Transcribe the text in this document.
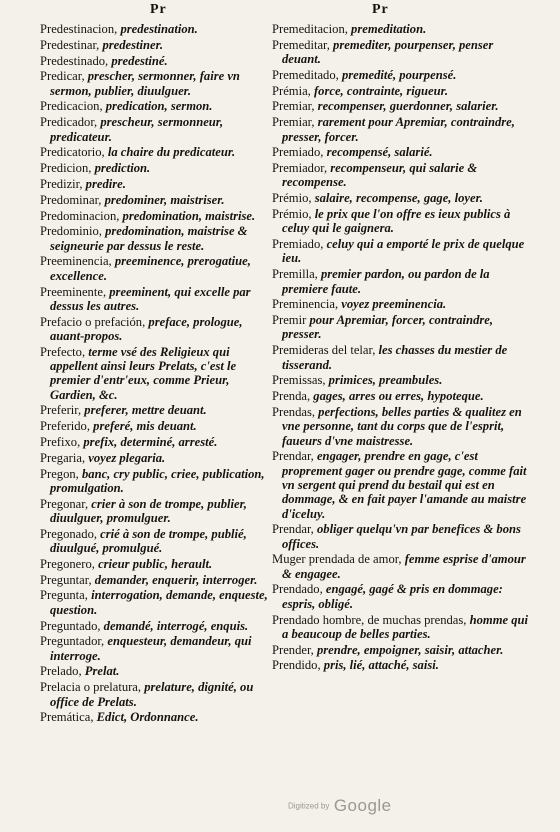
Pr	Pr
Predestinacion, predestination.
Predestinar, predestiner.
Predestinado, predestiné.
Predicar, prescher, sermonner, faire vn sermon, publier, diuulguer.
Predicacion, predication, sermon.
Predicador, prescheur, sermonneur, predicateur.
Predicatorio, la chaire du predicateur.
Predicion, prediction.
Predizir, predire.
Predominar, predominer, maistriser.
Predominacion, predomination, maistrise.
Predominio, predomination, maistrise & seigneurie par dessus le reste.
Preeminencia, preeminence, prerogatiue, excellence.
Preeminente, preeminent, qui excelle par dessus les autres.
Prefacio o prefación, preface, prologue, auant-propos.
Prefecto, terme vsé des Religieux qui appellent ainsi leurs Prelats, c'est le premier d'entr'eux, comme Prieur, Gardien, &c.
Preferir, preferer, mettre deuant.
Preferido, preferé, mis deuant.
Prefixo, prefix, determiné, arresté.
Pregaria, voyez plegaria.
Pregon, banc, cry public, criee, publication, promulgation.
Pregonar, crier à son de trompe, publier, diuulguer, promulguer.
Pregonado, crié à son de trompe, publié, diuulgué, promulgué.
Pregonero, crieur public, herault.
Preguntar, demander, enquerir, interroger.
Pregunta, interrogation, demande, enqueste, question.
Preguntado, demandé, interrogé, enquis.
Preguntador, enquesteur, demandeur, qui interroge.
Prelado, Prelat.
Prelacia o prelatura, prelature, dignité, ou office de Prelats.
Premática, Edict, Ordonnance.
Premeditacion, premeditation.
Premeditar, premediter, pourpenser, penser deuant.
Premeditado, premedité, pourpensé.
Prémia, force, contrainte, rigueur.
Premiar, recompenser, guerdonner, salarier.
Premiar, rarement pour Apremiar, contraindre, presser, forcer.
Premiado, recompensé, salarié.
Premiador, recompenseur, qui salarie & recompense.
Prémio, salaire, recompense, gage, loyer.
Prémio, le prix que l'on offre es ieux publics à celuy qui le gaignera.
Premiado, celuy qui a emporté le prix de quelque ieu.
Premilla, premier pardon, ou pardon de la premiere faute.
Preminencia, voyez preeminencia.
Premir pour Apremiar, forcer, contraindre, presser.
Premideras del telar, les chasses du mestier de tisserand.
Premissas, primices, preambules.
Prenda, gages, arres ou erres, hypoteque.
Prendas, perfections, belles parties & qualitez en vne personne, tant du corps que de l'esprit, faueurs d'vne maistresse.
Prendar, engager, prendre en gage, c'est proprement gager ou prendre gage, comme fait vn sergent qui prend du bestail qui est en dommage, & en fait payer l'amande au maistre d'iceluy.
Prendar, obliger quelqu'vn par benefices & bons offices.
Muger prendada de amor, femme esprise d'amour & engagee.
Prendado, engagé, gagé & pris en dommage: espris, obligé.
Prendado hombre, de muchas prendas, homme qui a beaucoup de belles parties.
Prender, prendre, empoigner, saisir, attacher.
Prendido, pris, lié, attaché, saisi.
Digitized by Google
